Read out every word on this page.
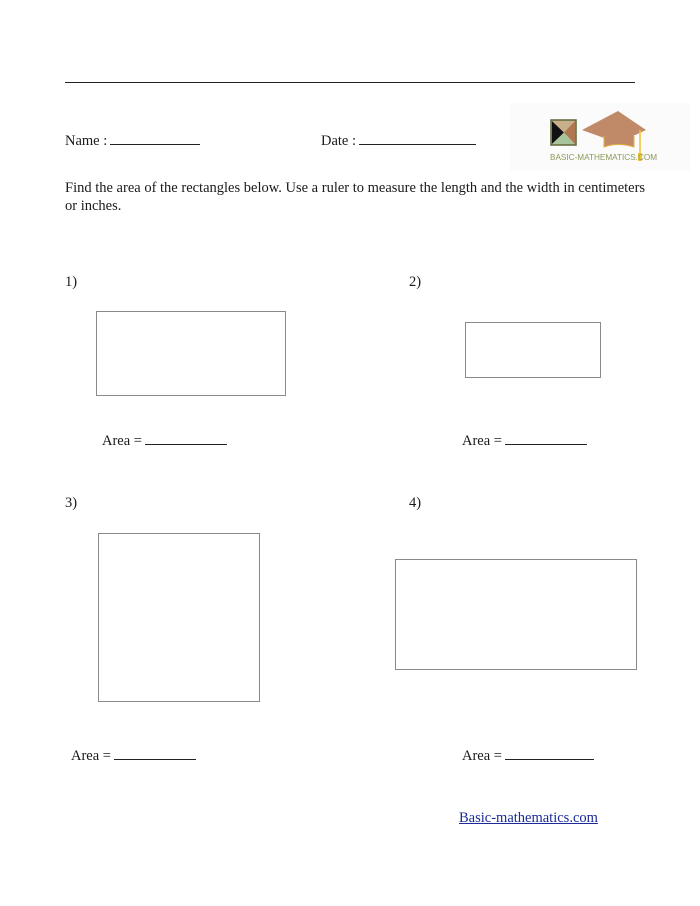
Name :	Date :
BASIC-MATHEMATICS.COM
Find the area of the rectangles below. Use a ruler to measure the length and the width in centimeters or inches.
1)
Area =
2)
Area =
3)
Area =
4)
Area =
Basic-mathematics.com
